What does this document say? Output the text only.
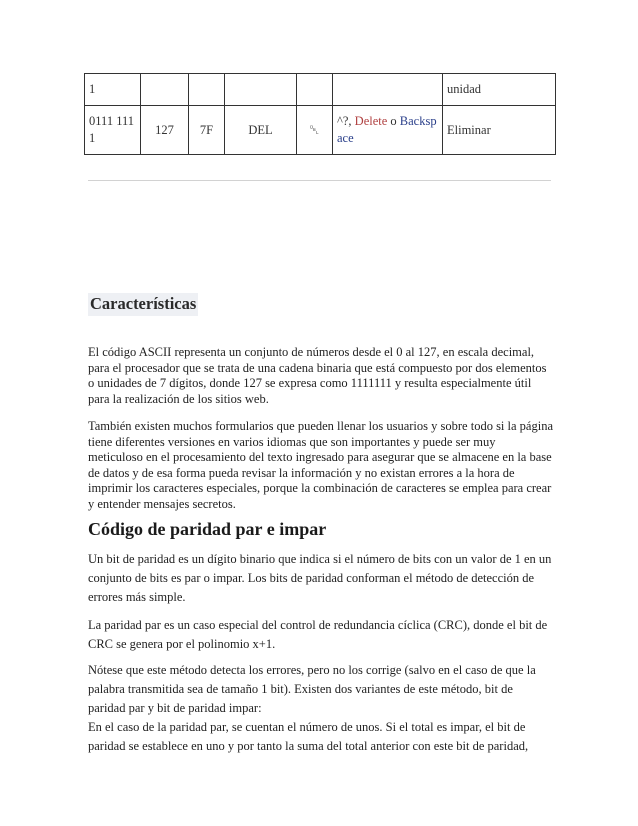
1						unidad
0111 111 1	127	7F	DEL	␡	^?, Delete o Backsp ace	Eliminar
Características

El código ASCII representa un conjunto de números desde el 0 al 127, en escala decimal, para el procesador que se trata de una cadena binaria que está compuesto por dos elementos o unidades de 7 dígitos, donde 127 se expresa como 1111111 y resulta especialmente útil para la realización de los sitios web.

También existen muchos formularios que pueden llenar los usuarios y sobre todo si la página tiene diferentes versiones en varios idiomas que son importantes y puede ser muy meticuloso en el procesamiento del texto ingresado para asegurar que se almacene en la base de datos y de esa forma pueda revisar la información y no existan errores a la hora de imprimir los caracteres especiales, porque la combinación de caracteres se emplea para crear y entender mensajes secretos.

Código de paridad par e impar

Un bit de paridad es un dígito binario que indica si el número de bits con un valor de 1 en un conjunto de bits es par o impar. Los bits de paridad conforman el método de detección de errores más simple.

La paridad par es un caso especial del control de redundancia cíclica (CRC), donde el bit de CRC se genera por el polinomio x+1.

Nótese que este método detecta los errores, pero no los corrige (salvo en el caso de que la palabra transmitida sea de tamaño 1 bit). Existen dos variantes de este método, bit de paridad par y bit de paridad impar:

En el caso de la paridad par, se cuentan el número de unos. Si el total es impar, el bit de paridad se establece en uno y por tanto la suma del total anterior con este bit de paridad,
